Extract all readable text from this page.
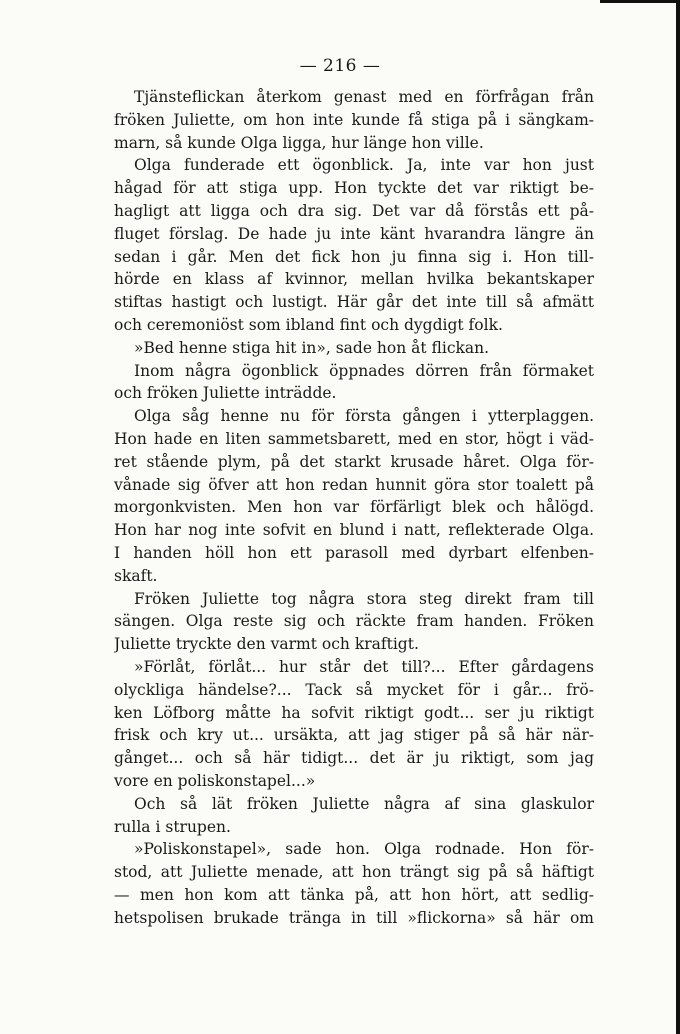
— 216 —
Tjänsteflickan återkom genast med en förfrågan från
fröken Juliette, om hon inte kunde få stiga på i sängkam-
marn, så kunde Olga ligga, hur länge hon ville.
Olga funderade ett ögonblick. Ja, inte var hon just
hågad för att stiga upp. Hon tyckte det var riktigt be-
hagligt att ligga och dra sig. Det var då förstås ett på-
fluget förslag. De hade ju inte känt hvarandra längre än
sedan i går. Men det fick hon ju finna sig i. Hon till-
hörde en klass af kvinnor, mellan hvilka bekantskaper
stiftas hastigt och lustigt. Här går det inte till så afmätt
och ceremoniöst som ibland fint och dygdigt folk.
»Bed henne stiga hit in», sade hon åt flickan.
Inom några ögonblick öppnades dörren från förmaket
och fröken Juliette inträdde.
Olga såg henne nu för första gången i ytterplaggen.
Hon hade en liten sammetsbarett, med en stor, högt i väd-
ret stående plym, på det starkt krusade håret. Olga för-
vånade sig öfver att hon redan hunnit göra stor toalett på
morgonkvisten. Men hon var förfärligt blek och hålögd.
Hon har nog inte sofvit en blund i natt, reflekterade Olga.
I handen höll hon ett parasoll med dyrbart elfenben-
skaft.
Fröken Juliette tog några stora steg direkt fram till
sängen. Olga reste sig och räckte fram handen. Fröken
Juliette tryckte den varmt och kraftigt.
»Förlåt, förlåt... hur står det till?... Efter gårdagens
olyckliga händelse?... Tack så mycket för i går... frö-
ken Löfborg måtte ha sofvit riktigt godt... ser ju riktigt
frisk och kry ut... ursäkta, att jag stiger på så här när-
gånget... och så här tidigt... det är ju riktigt, som jag
vore en poliskonstapel...»
Och så lät fröken Juliette några af sina glaskulor
rulla i strupen.
»Poliskonstapel», sade hon. Olga rodnade. Hon för-
stod, att Juliette menade, att hon trängt sig på så häftigt
— men hon kom att tänka på, att hon hört, att sedlig-
hetspolisen brukade tränga in till »flickorna» så här om
